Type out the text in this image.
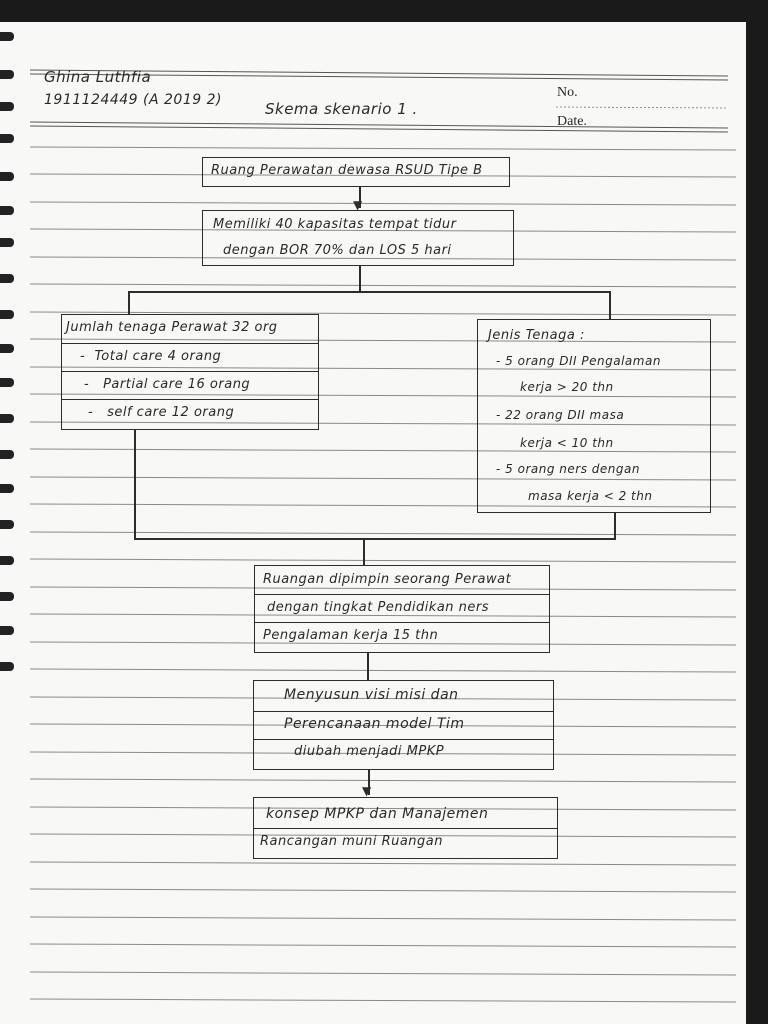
Ghina Luthfia
1911124449 (A 2019 2)	Skema skenario 1 .
No.
Date.
Ruang Perawatan dewasa RSUD Tipe B
▼
Memiliki 40 kapasitas tempat tidur
dengan BOR 70% dan LOS 5 hari
Jumlah tenaga Perawat 32 org
-  Total care 4 orang
-   Partial care 16 orang
-   self care 12 orang
Jenis Tenaga :
- 5 orang DII Pengalaman
kerja > 20 thn
- 22 orang DII masa
kerja < 10 thn
- 5 orang ners dengan
masa kerja < 2 thn
Ruangan dipimpin seorang Perawat
dengan tingkat Pendidikan ners
Pengalaman kerja 15 thn
Menyusun visi misi dan
Perencanaan model Tim
diubah menjadi MPKP
▼
konsep MPKP dan Manajemen
Rancangan muni Ruangan
